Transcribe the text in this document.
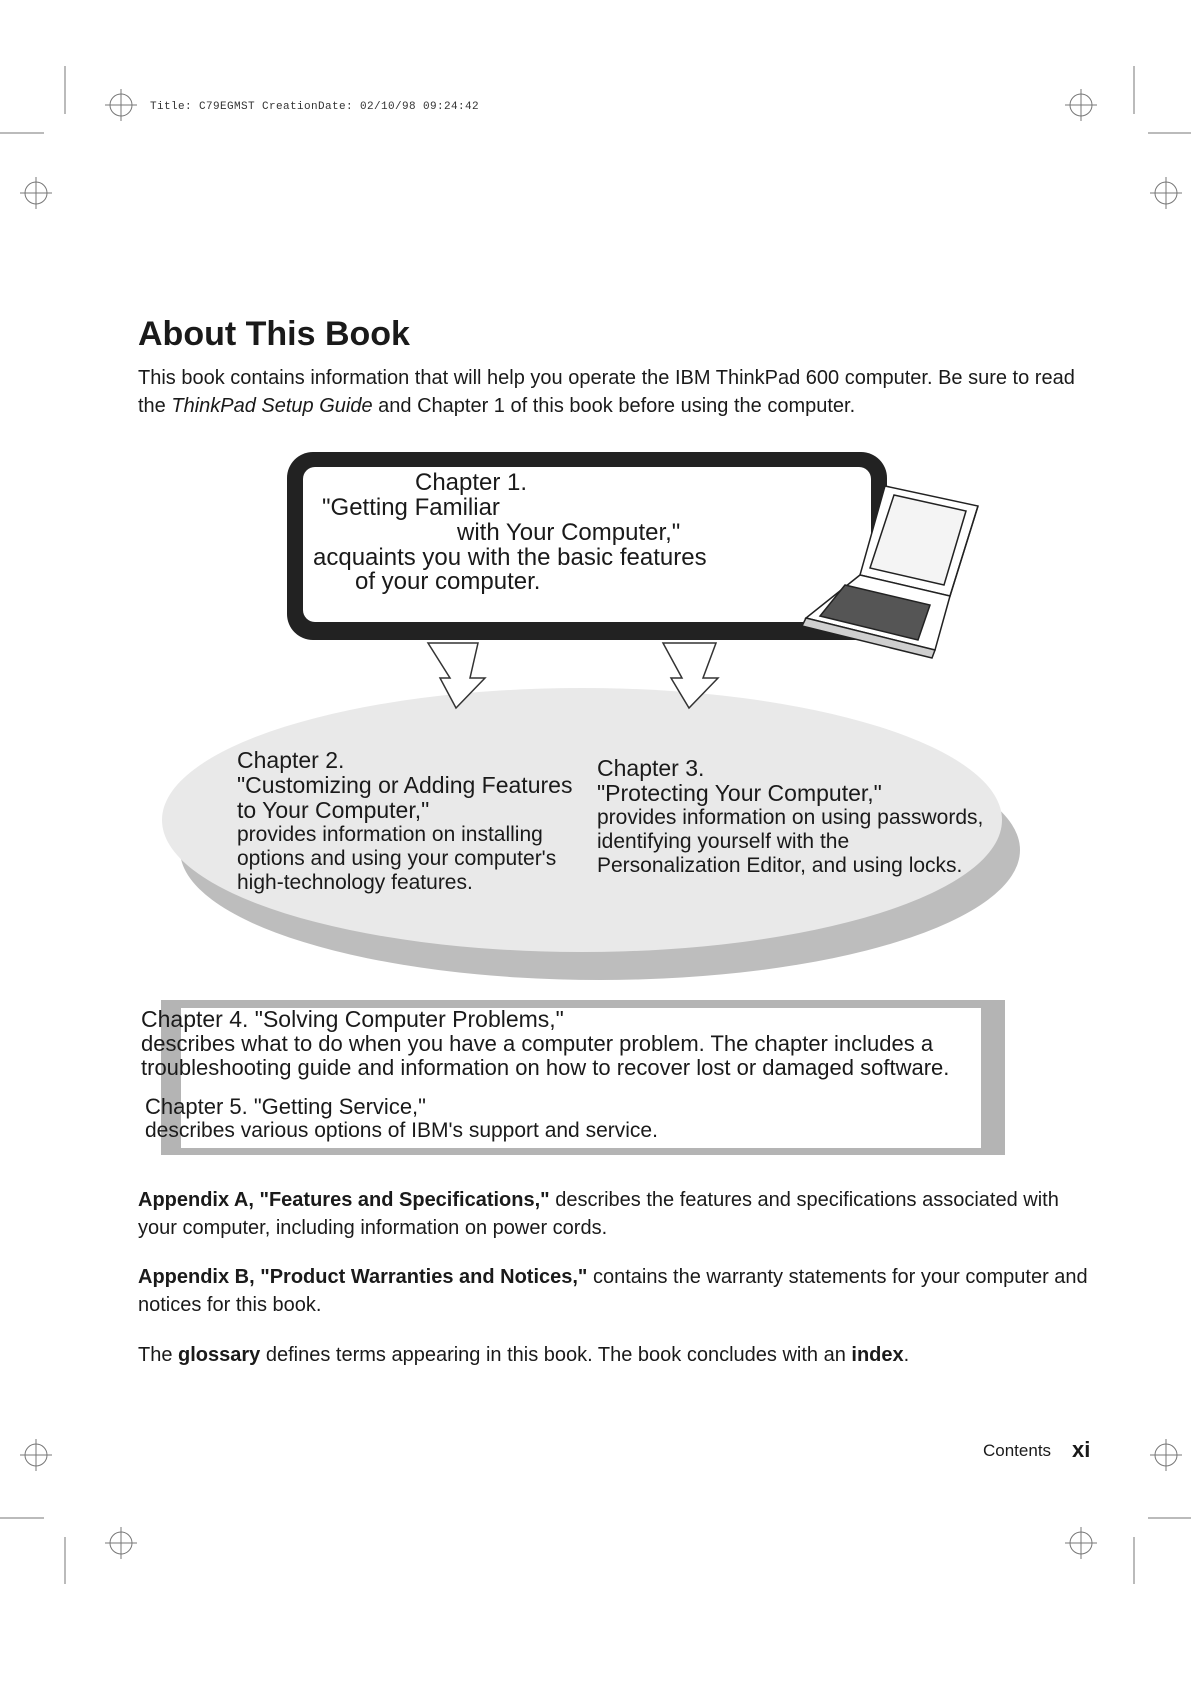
Title: C79EGMST CreationDate: 02/10/98 09:24:42
About This Book

This book contains information that will help you operate the IBM ThinkPad 600 computer. Be sure to read the ThinkPad Setup Guide and Chapter 1 of this book before using the computer.

Chapter 1.
"Getting Familiar
with Your Computer,"
acquaints you with the basic features
of your computer.
Chapter 2.
"Customizing or Adding Features
to Your Computer,"
provides information on installing options and using your computer's high-technology features.
Chapter 3.
"Protecting Your Computer,"
provides information on using passwords, identifying yourself with the Personalization Editor, and using locks.
Chapter 4. "Solving Computer Problems,"
describes what to do when you have a computer problem. The chapter includes a troubleshooting guide and information on how to recover lost or damaged software.
Chapter 5. "Getting Service,"
describes various options of IBM's support and service.

Appendix A, "Features and Specifications," describes the features and specifications associated with your computer, including information on power cords.

Appendix B, "Product Warranties and Notices," contains the warranty statements for your computer and notices for this book.

The glossary defines terms appearing in this book. The book concludes with an index.

Contents xi
